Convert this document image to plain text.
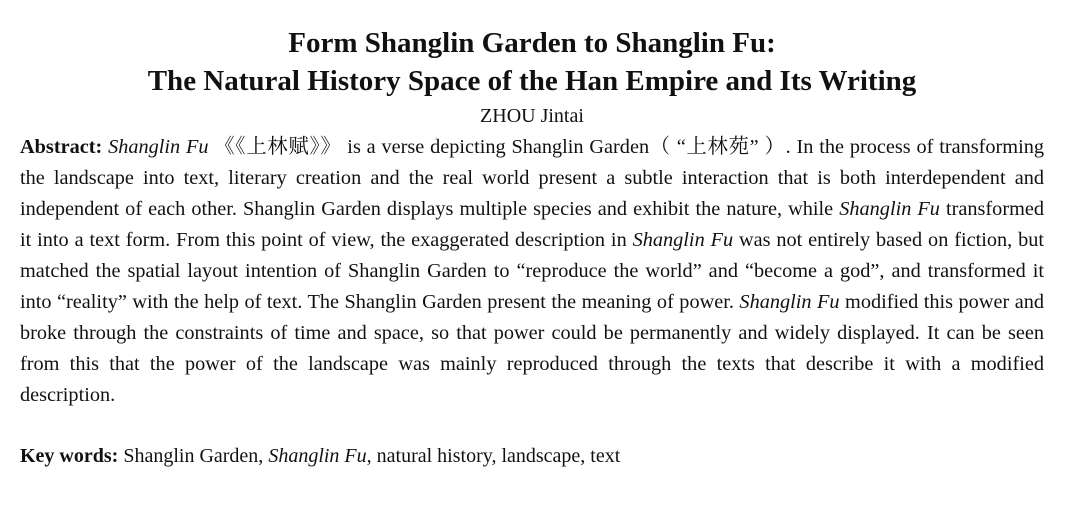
Form Shanglin Garden to Shanglin Fu:
The Natural History Space of the Han Empire and Its Writing
ZHOU Jintai

Abstract: Shanglin Fu 《《上林赋》》 is a verse depicting Shanglin Garden（ “上林苑” ）. In the process of transforming the landscape into text, literary creation and the real world present a subtle interaction that is both interdependent and independent of each other. Shanglin Garden displays multiple species and exhibit the nature, while Shanglin Fu transformed it into a text form. From this point of view, the exaggerated description in Shanglin Fu was not entirely based on fiction, but matched the spatial layout intention of Shanglin Garden to “reproduce the world” and “become a god”, and transformed it into “reality” with the help of text. The Shanglin Garden present the meaning of power. Shanglin Fu modified this power and broke through the constraints of time and space, so that power could be permanently and widely displayed. It can be seen from this that the power of the landscape was mainly reproduced through the texts that describe it with a modified description.

Key words: Shanglin Garden, Shanglin Fu, natural history, landscape, text
